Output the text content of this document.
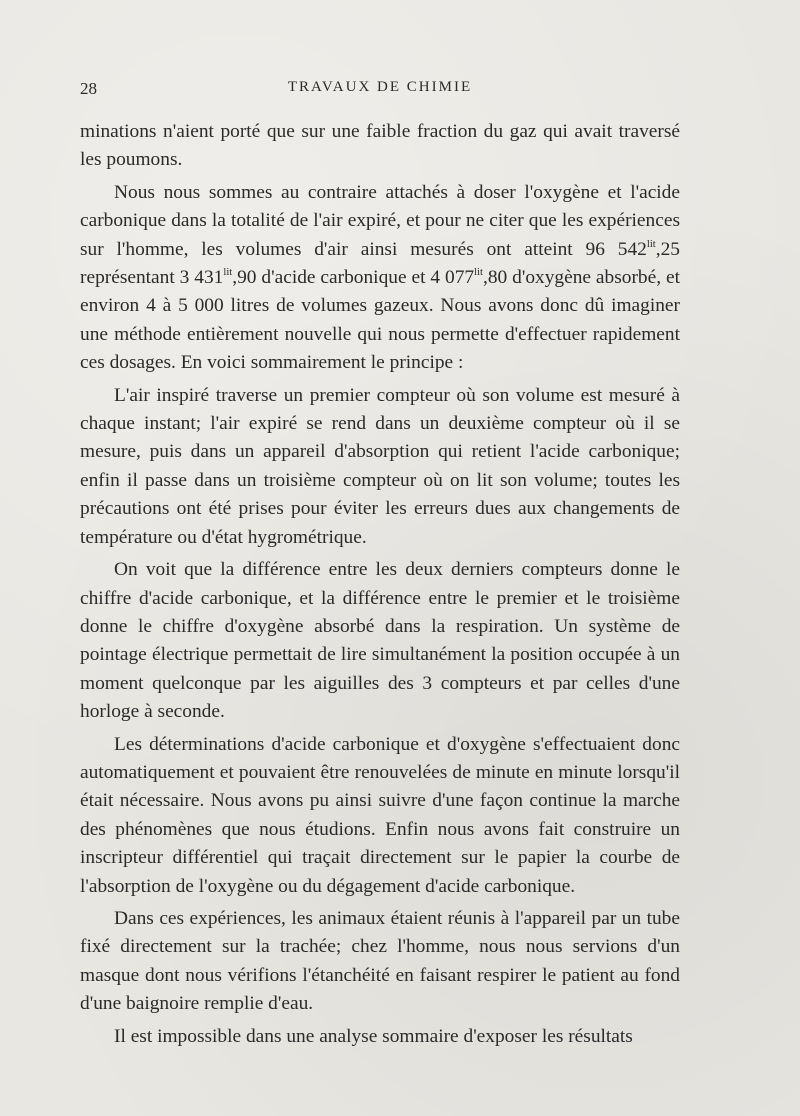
28	TRAVAUX DE CHIMIE

minations n'aient porté que sur une faible fraction du gaz qui avait traversé les poumons.

Nous nous sommes au contraire attachés à doser l'oxygène et l'acide carbonique dans la totalité de l'air expiré, et pour ne citer que les expériences sur l'homme, les volumes d'air ainsi mesurés ont atteint 96 $542^{lit},25$ représentant 3 $431^{lit},90$ d'acide carbonique et 4 $077^{lit},80$ d'oxygène absorbé, et environ 4 à 5 000 litres de volumes gazeux. Nous avons donc dû imaginer une méthode entièrement nouvelle qui nous permette d'effectuer rapidement ces dosages. En voici sommairement le principe :

L'air inspiré traverse un premier compteur où son volume est mesuré à chaque instant; l'air expiré se rend dans un deuxième compteur où il se mesure, puis dans un appareil d'absorption qui retient l'acide carbonique; enfin il passe dans un troisième compteur où on lit son volume; toutes les précautions ont été prises pour éviter les erreurs dues aux changements de température ou d'état hygrométrique.

On voit que la différence entre les deux derniers compteurs donne le chiffre d'acide carbonique, et la différence entre le premier et le troisième donne le chiffre d'oxygène absorbé dans la respiration. Un système de pointage électrique permettait de lire simultanément la position occupée à un moment quelconque par les aiguilles des 3 compteurs et par celles d'une horloge à seconde.

Les déterminations d'acide carbonique et d'oxygène s'effectuaient donc automatiquement et pouvaient être renouvelées de minute en minute lorsqu'il était nécessaire. Nous avons pu ainsi suivre d'une façon continue la marche des phénomènes que nous étudions. Enfin nous avons fait construire un inscripteur différentiel qui traçait directement sur le papier la courbe de l'absorption de l'oxygène ou du dégagement d'acide carbonique.

Dans ces expériences, les animaux étaient réunis à l'appareil par un tube fixé directement sur la trachée; chez l'homme, nous nous servions d'un masque dont nous vérifions l'étanchéité en faisant respirer le patient au fond d'une baignoire remplie d'eau.

Il est impossible dans une analyse sommaire d'exposer les résultats
